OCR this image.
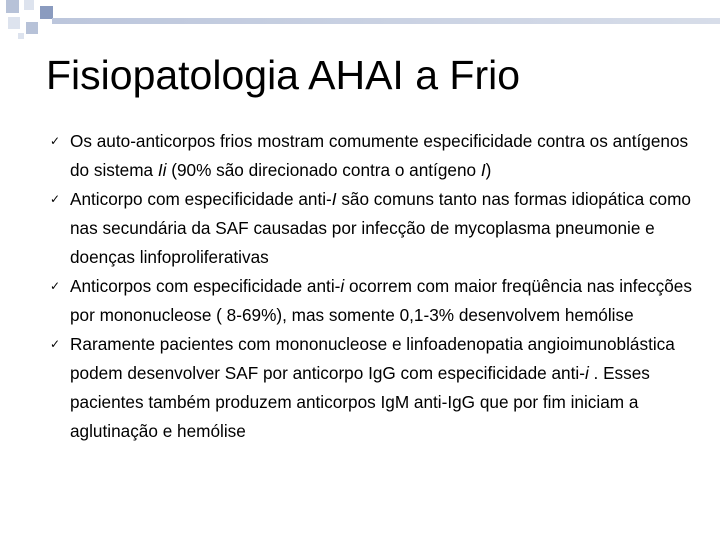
Fisiopatologia AHAI a Frio
✓ Os auto-anticorpos frios mostram comumente especificidade contra os antígenos do sistema Ii (90% são direcionado contra o antígeno I)
✓ Anticorpo com especificidade anti-I são comuns tanto nas formas idiopática como nas secundária da SAF causadas por infecção de mycoplasma pneumonie e doenças linfoproliferativas
✓ Anticorpos com especificidade anti-i ocorrem com maior freqüência nas infecções por mononucleose ( 8-69%), mas somente 0,1-3% desenvolvem hemólise
✓ Raramente pacientes com mononucleose e linfoadenopatia angioimunoblástica podem desenvolver SAF por anticorpo IgG com especificidade anti-i . Esses pacientes também produzem anticorpos IgM anti-IgG que por fim iniciam a aglutinação e hemólise
